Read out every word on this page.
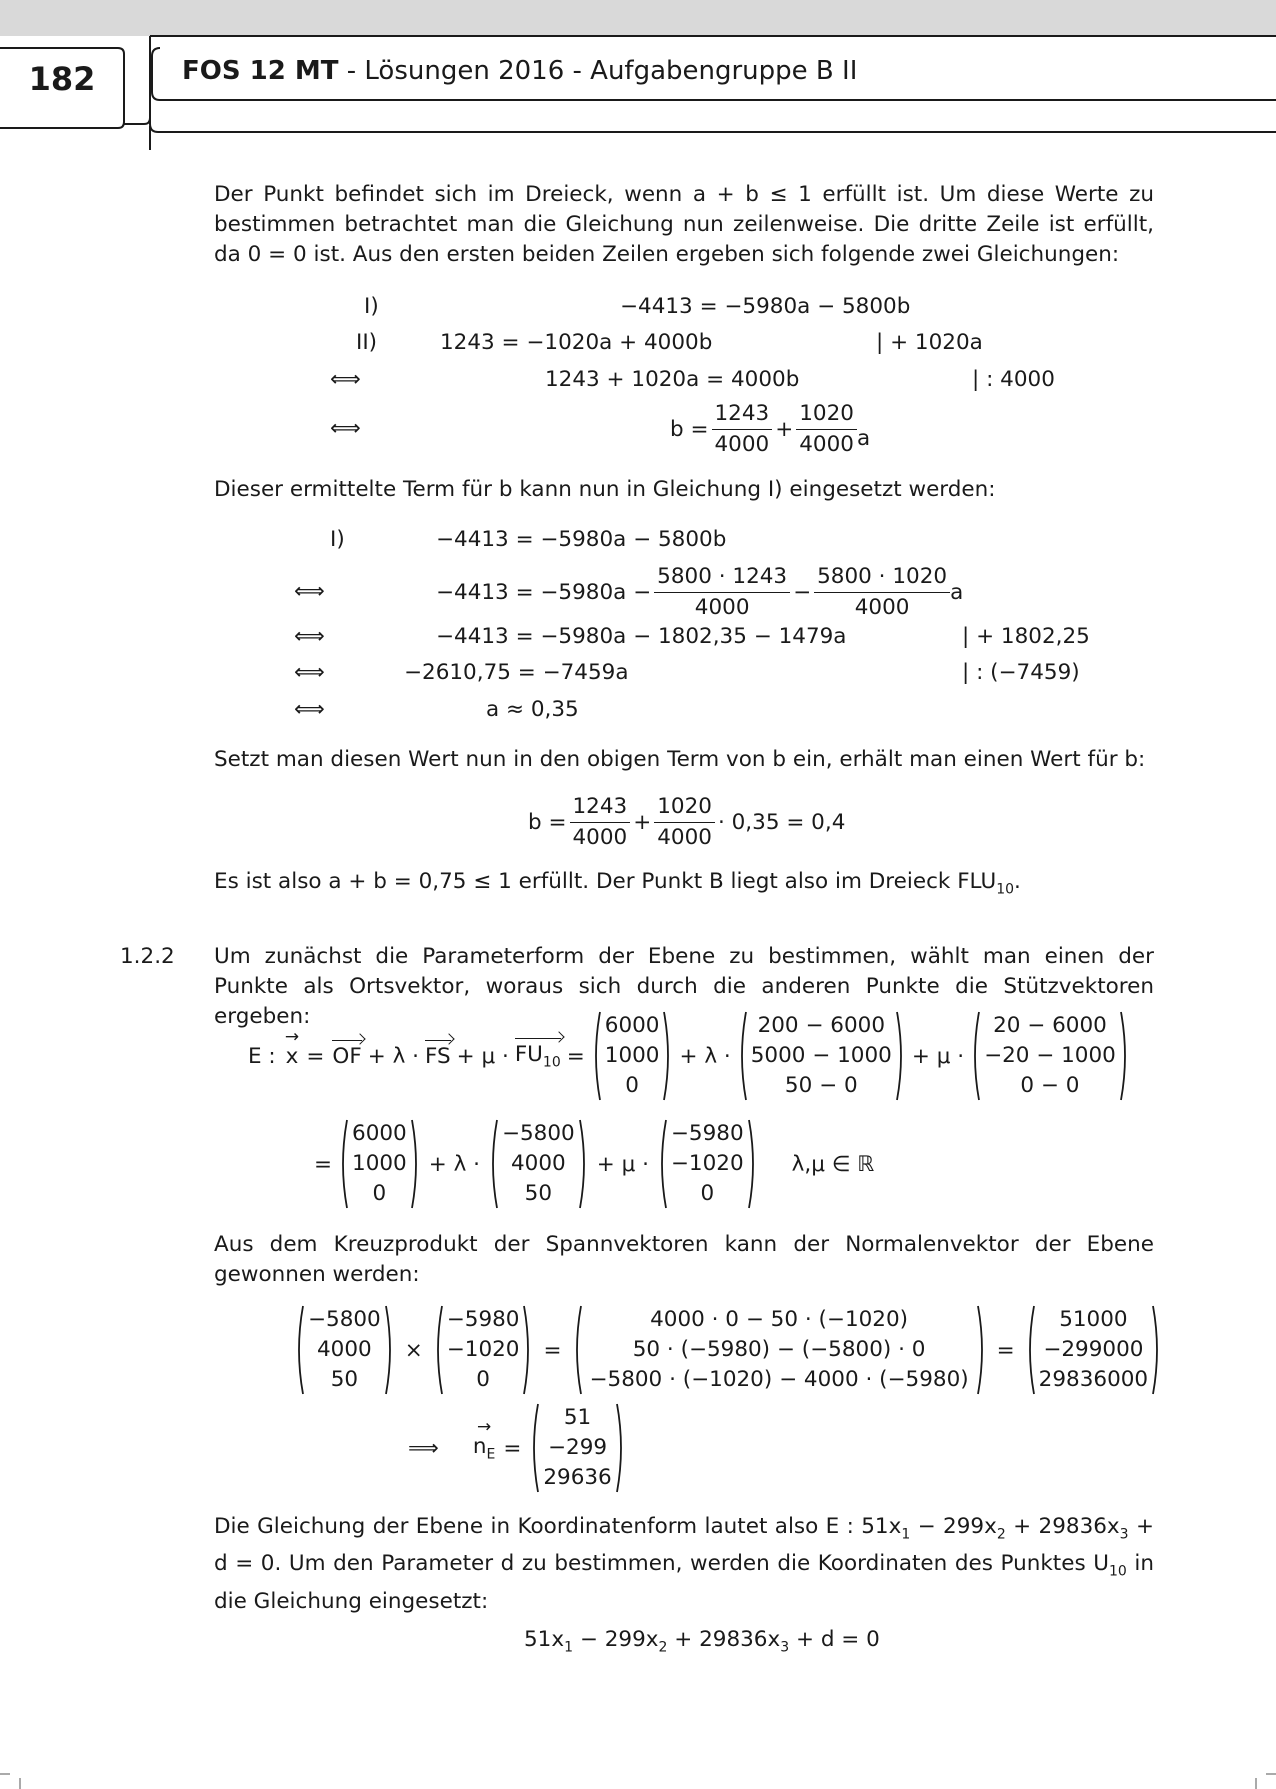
182	FOS 12 MT - Lösungen 2016 - Aufgabengruppe B II
Der Punkt befindet sich im Dreieck, wenn a + b ≤ 1 erfüllt ist. Um diese Werte zu bestimmen betrachtet man die Gleichung nun zeilenweise. Die dritte Zeile ist erfüllt, da 0 = 0 ist. Aus den ersten beiden Zeilen ergeben sich folgende zwei Gleichungen:
I)	−4413 = −5980a − 5800b
II)	1243 = −1020a + 4000b	| + 1020a
⟺	1243 + 1020a = 4000b	| : 4000
⟺	$b = \frac{1243}{4000} + \frac{1020}{4000}$ a
Dieser ermittelte Term für b kann nun in Gleichung I) eingesetzt werden:
I)	−4413 = −5980a − 5800b
⟺	$-4413 = -5980a - \frac{5800 \cdot 1243}{4000} - \frac{5800 \cdot 1020}{4000}$ a
⟺	−4413 = −5980a − 1802,35 − 1479a	| + 1802,25
⟺	−2610,75 = −7459a	| : (−7459)
⟺	a ≈ 0,35
Setzt man diesen Wert nun in den obigen Term von b ein, erhält man einen Wert für b:
$b = \frac{1243}{4000} + \frac{1020}{4000} \cdot 0,35 = 0,4$
Es ist also a + b = 0,75 ≤ 1 erfüllt. Der Punkt B liegt also im Dreieck $FLU_{10}$.
1.2.2 Um zunächst die Parameterform der Ebene zu bestimmen, wählt man einen der Punkte als Ortsvektor, woraus sich durch die anderen Punkte die Stützvektoren ergeben:
E : → x = OF + λ · FS + $\mu \cdot FU_{10}$ =
6000
1000
0
+ λ ·
200 − 6000
5000 − 1000
50 − 0
+ μ ·
20 − 6000
−20 − 1000
0 − 0
=
6000
1000
0
+ λ ·
−5800
4000
50
+ μ ·
−5980
−1020
0
λ,μ ∈ ℝ
Aus dem Kreuzprodukt der Spannvektoren kann der Normalenvektor der Ebene gewonnen werden:
−5800
4000
50
×
−5980
−1020
0
=
4000 · 0 − 50 · (−1020)
50 · (−5980) − (−5800) · 0
−5800 · (−1020) − 4000 · (−5980)
=
51000
−299000
29836000
⟹ → $n_E$ =
51
−299
29636
Die Gleichung der Ebene in Koordinatenform lautet also E : $51x_1 - 299x_2 + 29836x_3 + d = 0$. Um den Parameter d zu bestimmen, werden die Koordinaten des Punktes $U_{10}$ in die Gleichung eingesetzt:
$51x_1 - 299x_2 + 29836x_3 + d = 0$
